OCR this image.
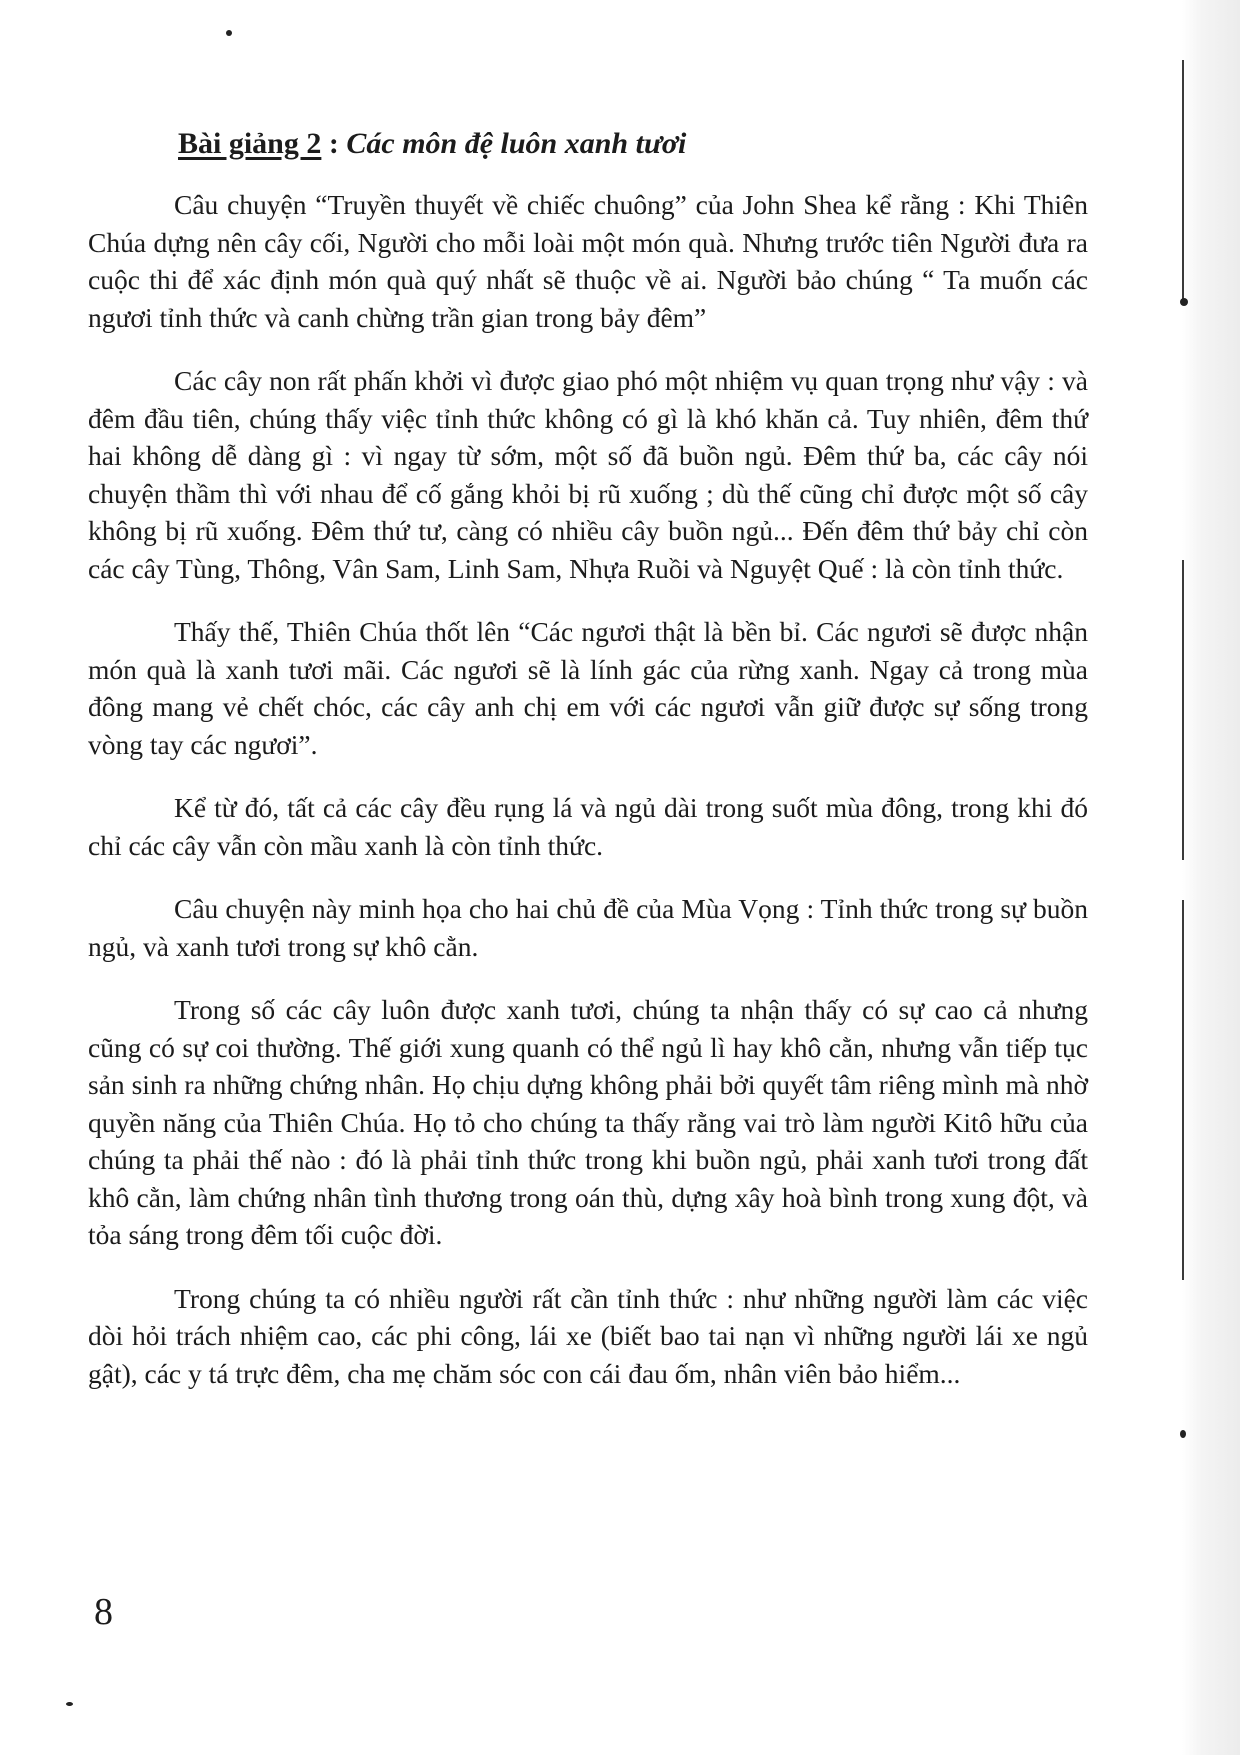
Bài giảng 2 : Các môn đệ luôn xanh tươi

Câu chuyện “Truyền thuyết về chiếc chuông” của John Shea kể rằng : Khi Thiên Chúa dựng nên cây cối, Người cho mỗi loài một món quà. Nhưng trước tiên Người đưa ra cuộc thi để xác định món quà quý nhất sẽ thuộc về ai. Người bảo chúng “ Ta muốn các ngươi tỉnh thức và canh chừng trần gian trong bảy đêm”

Các cây non rất phấn khởi vì được giao phó một nhiệm vụ quan trọng như vậy : và đêm đầu tiên, chúng thấy việc tỉnh thức không có gì là khó khăn cả. Tuy nhiên, đêm thứ hai không dễ dàng gì : vì ngay từ sớm, một số đã buồn ngủ. Đêm thứ ba, các cây nói chuyện thầm thì với nhau để cố gắng khỏi bị rũ xuống ; dù thế cũng chỉ được một số cây không bị rũ xuống. Đêm thứ tư, càng có nhiều cây buồn ngủ... Đến đêm thứ bảy chỉ còn các cây Tùng, Thông, Vân Sam, Linh Sam, Nhựa Ruồi và Nguyệt Quế : là còn tỉnh thức.

Thấy thế, Thiên Chúa thốt lên “Các ngươi thật là bền bỉ. Các ngươi sẽ được nhận món quà là xanh tươi mãi. Các ngươi sẽ là lính gác của rừng xanh. Ngay cả trong mùa đông mang vẻ chết chóc, các cây anh chị em với các ngươi vẫn giữ được sự sống trong vòng tay các ngươi”.

Kể từ đó, tất cả các cây đều rụng lá và ngủ dài trong suốt mùa đông, trong khi đó chỉ các cây vẫn còn mầu xanh là còn tỉnh thức.

Câu chuyện này minh họa cho hai chủ đề của Mùa Vọng : Tỉnh thức trong sự buồn ngủ, và xanh tươi trong sự khô cằn.

Trong số các cây luôn được xanh tươi, chúng ta nhận thấy có sự cao cả nhưng cũng có sự coi thường. Thế giới xung quanh có thể ngủ lì hay khô cằn, nhưng vẫn tiếp tục sản sinh ra những chứng nhân. Họ chịu dựng không phải bởi quyết tâm riêng mình mà nhờ quyền năng của Thiên Chúa. Họ tỏ cho chúng ta thấy rằng vai trò làm người Kitô hữu của chúng ta phải thế nào : đó là phải tỉnh thức trong khi buồn ngủ, phải xanh tươi trong đất khô cằn, làm chứng nhân tình thương trong oán thù, dựng xây hoà bình trong xung đột, và tỏa sáng trong đêm tối cuộc đời.

Trong chúng ta có nhiều người rất cần tỉnh thức : như những người làm các việc dòi hỏi trách nhiệm cao, các phi công, lái xe (biết bao tai nạn vì những người lái xe ngủ gật), các y tá trực đêm, cha mẹ chăm sóc con cái đau ốm, nhân viên bảo hiểm...

8
